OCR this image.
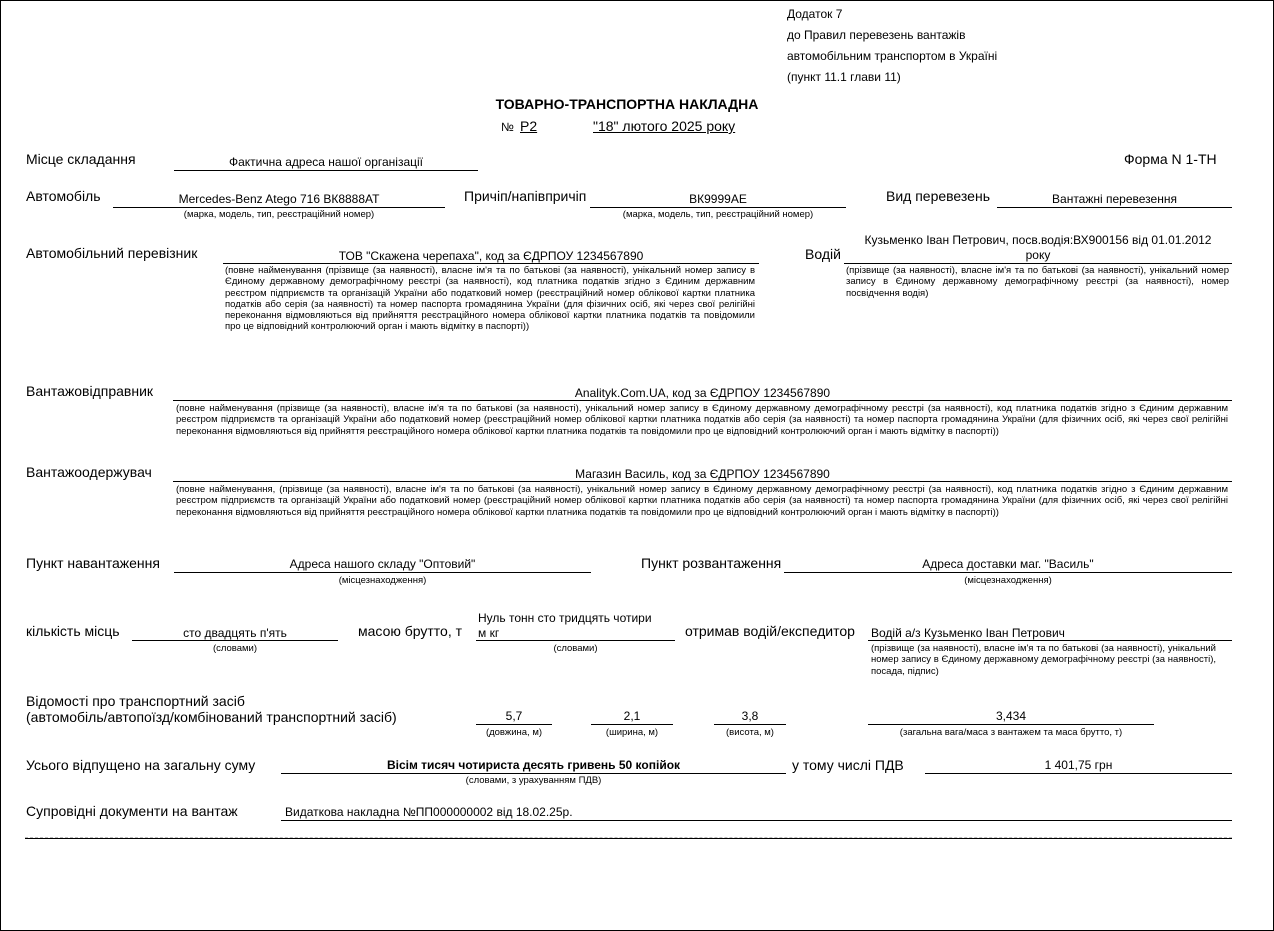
Додаток 7
до Правил перевезень вантажів
автомобільним транспортом в Україні
(пункт 11.1 глави 11)
ТОВАРНО-ТРАНСПОРТНА НАКЛАДНА
№ Р2	"18" лютого 2025 року
Місце складання	Фактична адреса нашої організації	Форма N 1-ТН
Автомобіль	Mercedes-Benz Atego 716 ВК8888АТ
(марка, модель, тип, реєстраційний номер)
Причіп/напівпричіп	ВК9999АЕ
(марка, модель, тип, реєстраційний номер)
Вид перевезень	Вантажні перевезення
Автомобільний перевізник	ТОВ "Скажена черепаха", код за ЄДРПОУ 1234567890
(повне найменування (прізвище (за наявності), власне ім'я та по батькові (за наявності), унікальний номер запису в Єдиному державному демографічному реєстрі (за наявності), код платника податків згідно з Єдиним державним реєстром підприємств та організацій України або податковий номер (реєстраційний номер облікової картки платника податків або серія (за наявності) та номер паспорта громадянина України (для фізичних осіб, які через свої релігійні переконання відмовляються від прийняття реєстраційного номера облікової картки платника податків та повідомили про це відповідний контролюючий орган і мають відмітку в паспорті))
Водій
Кузьменко Іван Петрович, посв.водія:ВХ900156 від 01.01.2012
року
(прізвище (за наявності), власне ім'я та по батькові (за наявності), унікальний номер запису в Єдиному державному демографічному реєстрі (за наявності), номер посвідчення водія)
Вантажовідправник	Analityk.Com.UA, код за ЄДРПОУ 1234567890
(повне найменування (прізвище (за наявності), власне ім'я та по батькові (за наявності), унікальний номер запису в Єдиному державному демографічному реєстрі (за наявності), код платника податків згідно з Єдиним державним реєстром підприємств та організацій України або податковий номер (реєстраційний номер облікової картки платника податків або серія (за наявності) та номер паспорта громадянина України (для фізичних осіб, які через свої релігійні переконання відмовляються від прийняття реєстраційного номера облікової картки платника податків та повідомили про це відповідний контролюючий орган і мають відмітку в паспорті))
Вантажоодержувач	Магазин Василь, код за ЄДРПОУ 1234567890
(повне найменування, (прізвище (за наявності), власне ім'я та по батькові (за наявності), унікальний номер запису в Єдиному державному демографічному реєстрі (за наявності), код платника податків згідно з Єдиним державним реєстром підприємств та організацій України або податковий номер (реєстраційний номер облікової картки платника податків або серія (за наявності) та номер паспорта громадянина України (для фізичних осіб, які через свої релігійні переконання відмовляються від прийняття реєстраційного номера облікової картки платника податків та повідомили про це відповідний контролюючий орган і мають відмітку в паспорті))
Пункт навантаження	Адреса нашого складу "Оптовий"
(місцезнаходження)
Пункт розвантаження	Адреса доставки маг. "Василь"
(місцезнаходження)
кількість місць	сто двадцять п'ять
(словами)
масою брутто, т
Нуль тонн сто тридцять чотири
м кг
(словами)
отримав водій/експедитор Водій а/з Кузьменко Іван Петрович
(прізвище (за наявності), власне ім'я та по батькові (за наявності), унікальний номер запису в Єдиному державному демографічному реєстрі (за наявності), посада, підпис)
Відомості про транспортний засіб
(автомобіль/автопоїзд/комбінований транспортний засіб)	5,7
(довжина, м)
2,1
(ширина, м)
3,8
(висота, м)
3,434
(загальна вага/маса з вантажем та маса брутто, т)
Усього відпущено на загальну суму	Вісім тисяч чотириста десять гривень 50 копійок
(словами, з урахуванням ПДВ)
у тому числі ПДВ	1 401,75 грн
Супровідні документи на вантаж	Видаткова накладна №ПП000000002 від 18.02.25р.
